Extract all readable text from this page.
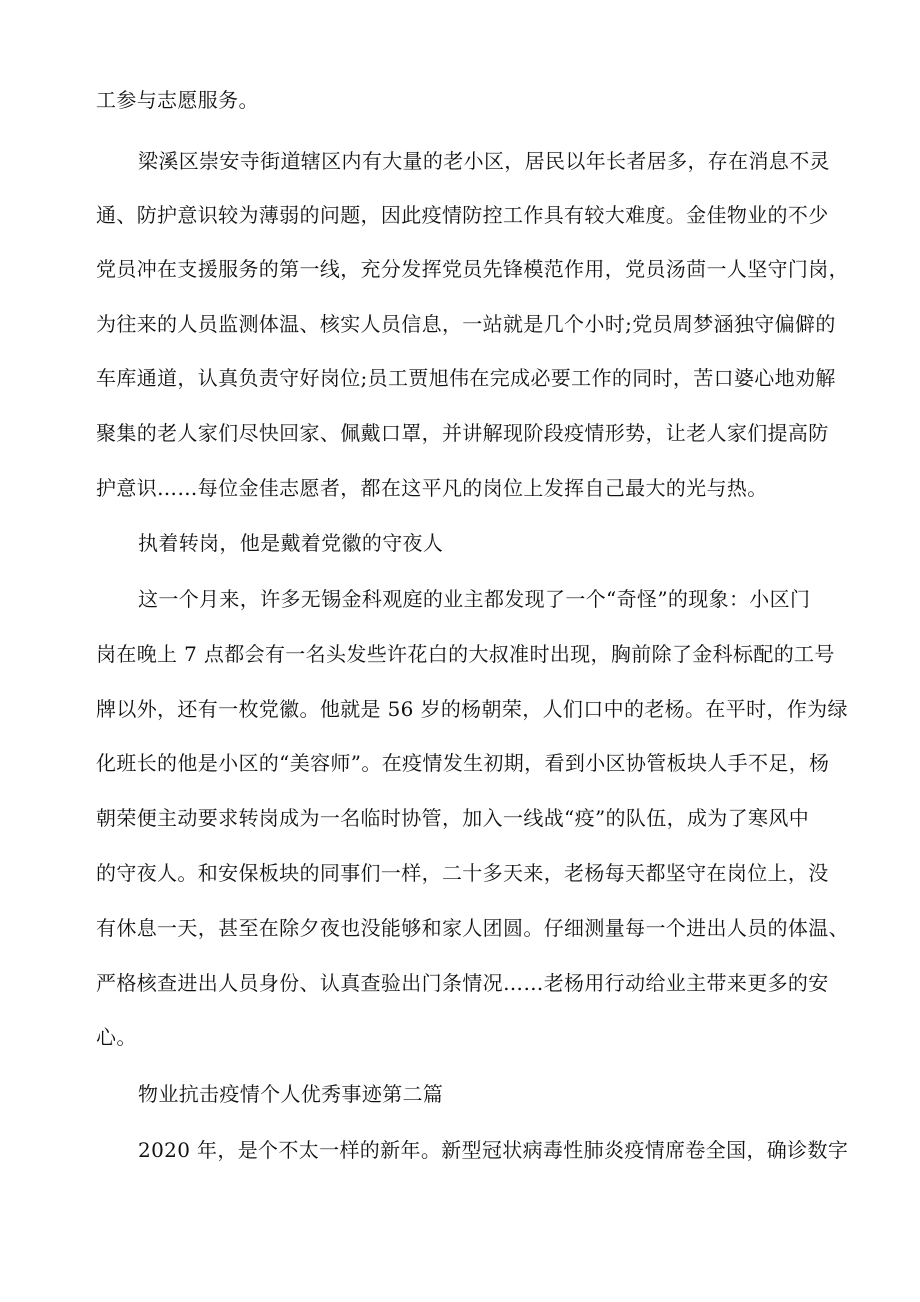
工参与志愿服务。
梁溪区崇安寺街道辖区内有大量的老小区，居民以年长者居多，存在消息不灵
通、防护意识较为薄弱的问题，因此疫情防控工作具有较大难度。金佳物业的不少
党员冲在支援服务的第一线，充分发挥党员先锋模范作用，党员汤茴一人坚守门岗，
为往来的人员监测体温、核实人员信息，一站就是几个小时;党员周梦涵独守偏僻的
车库通道，认真负责守好岗位;员工贾旭伟在完成必要工作的同时，苦口婆心地劝解
聚集的老人家们尽快回家、佩戴口罩，并讲解现阶段疫情形势，让老人家们提高防
护意识……每位金佳志愿者，都在这平凡的岗位上发挥自己最大的光与热。
执着转岗，他是戴着党徽的守夜人
这一个月来，许多无锡金科观庭的业主都发现了一个“奇怪”的现象：小区门
岗在晚上 7 点都会有一名头发些许花白的大叔准时出现，胸前除了金科标配的工号
牌以外，还有一枚党徽。他就是 56 岁的杨朝荣，人们口中的老杨。在平时，作为绿
化班长的他是小区的“美容师”。在疫情发生初期，看到小区协管板块人手不足，杨
朝荣便主动要求转岗成为一名临时协管，加入一线战“疫”的队伍，成为了寒风中
的守夜人。和安保板块的同事们一样，二十多天来，老杨每天都坚守在岗位上，没
有休息一天，甚至在除夕夜也没能够和家人团圆。仔细测量每一个进出人员的体温、
严格核查进出人员身份、认真查验出门条情况……老杨用行动给业主带来更多的安
心。
物业抗击疫情个人优秀事迹第二篇
2020 年，是个不太一样的新年。新型冠状病毒性肺炎疫情席卷全国，确诊数字
